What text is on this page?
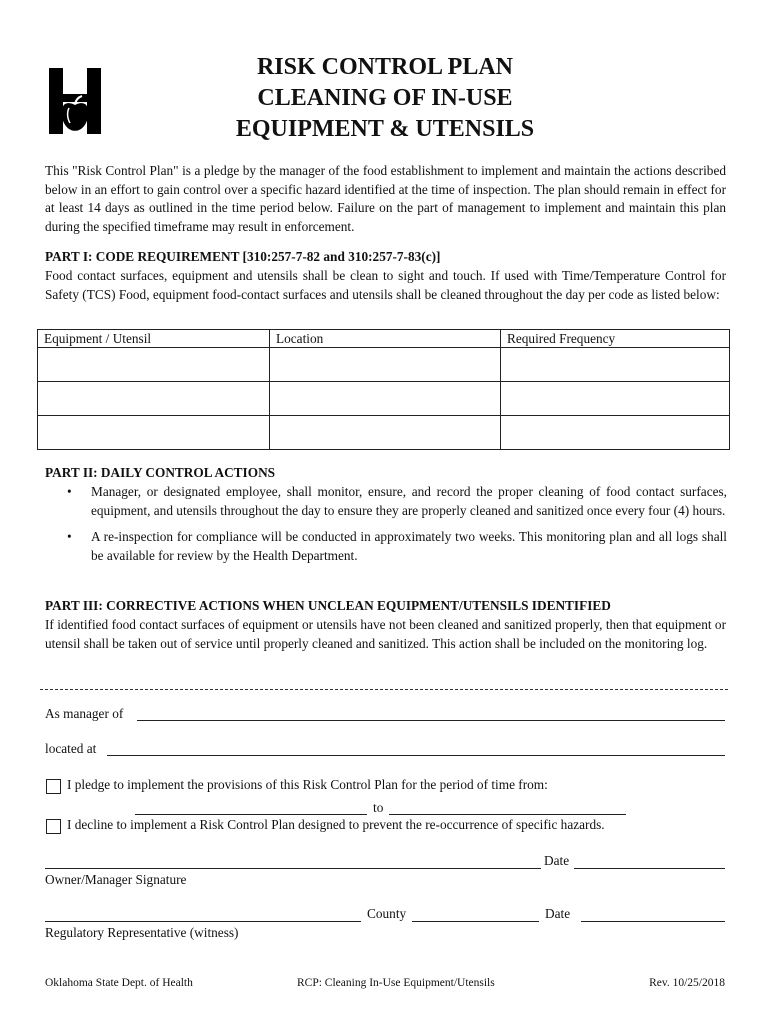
RISK CONTROL PLAN
CLEANING OF IN-USE
EQUIPMENT & UTENSILS
This "Risk Control Plan" is a pledge by the manager of the food establishment to implement and maintain the actions described below in an effort to gain control over a specific hazard identified at the time of inspection. The plan should remain in effect for at least 14 days as outlined in the time period below. Failure on the part of management to implement and maintain this plan during the specified timeframe may result in enforcement.
PART I: CODE REQUIREMENT [310:257-7-82 and 310:257-7-83(c)]
Food contact surfaces, equipment and utensils shall be clean to sight and touch. If used with Time/Temperature Control for Safety (TCS) Food, equipment food-contact surfaces and utensils shall be cleaned throughout the day per code as listed below:
Equipment / Utensil	Location	Required Frequency

PART II: DAILY CONTROL ACTIONS
• Manager, or designated employee, shall monitor, ensure, and record the proper cleaning of food contact surfaces, equipment, and utensils throughout the day to ensure they are properly cleaned and sanitized once every four (4) hours.
• A re-inspection for compliance will be conducted in approximately two weeks. This monitoring plan and all logs shall be available for review by the Health Department.
PART III: CORRECTIVE ACTIONS WHEN UNCLEAN EQUIPMENT/UTENSILS IDENTIFIED
If identified food contact surfaces of equipment or utensils have not been cleaned and sanitized properly, then that equipment or utensil shall be taken out of service until properly cleaned and sanitized. This action shall be included on the monitoring log.
As manager of
located at
I pledge to implement the provisions of this Risk Control Plan for the period of time from:
to
I decline to implement a Risk Control Plan designed to prevent the re-occurrence of specific hazards.
Date
Owner/Manager Signature
County	Date
Regulatory Representative (witness)
Oklahoma State Dept. of Health	RCP: Cleaning In-Use Equipment/Utensils	Rev. 10/25/2018
